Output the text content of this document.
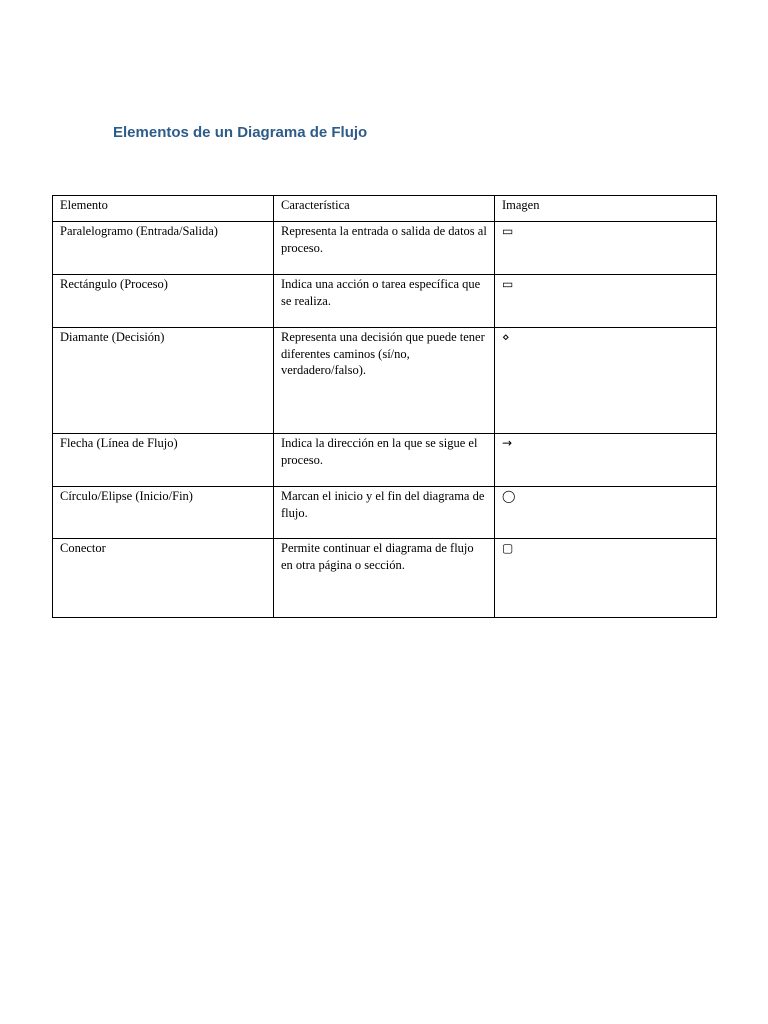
Elementos de un Diagrama de Flujo
Elemento	Característica	Imagen
Paralelogramo (Entrada/Salida)	Representa la entrada o salida de datos al proceso.	▭
Rectángulo (Proceso)	Indica una acción o tarea específica que se realiza.	▭
Diamante (Decisión)	Representa una decisión que puede tener diferentes caminos (sí/no, verdadero/falso).	⋄
Flecha (Línea de Flujo)	Indica la dirección en la que se sigue el proceso.	→
Círculo/Elipse (Inicio/Fin)	Marcan el inicio y el fin del diagrama de flujo.	◯
Conector	Permite continuar el diagrama de flujo en otra página o sección.	▢
